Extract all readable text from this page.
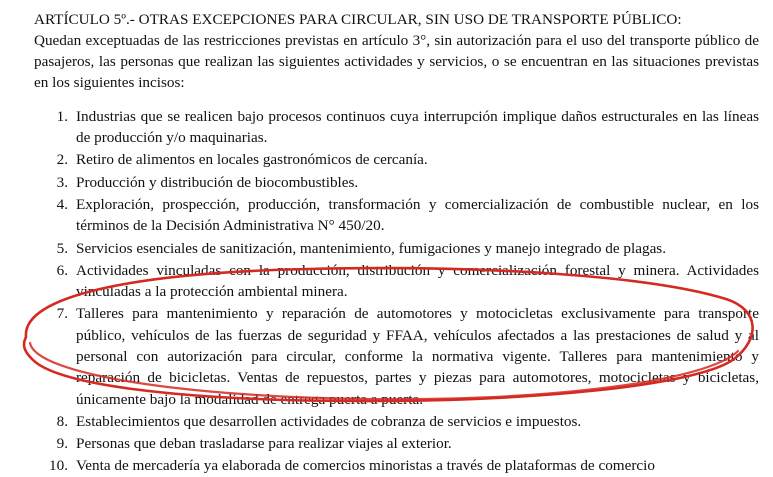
ARTÍCULO 5º.- OTRAS EXCEPCIONES PARA CIRCULAR, SIN USO DE TRANSPORTE PÚBLICO:

Quedan exceptuadas de las restricciones previstas en artículo 3°, sin autorización para el uso del transporte público de pasajeros, las personas que realizan las siguientes actividades y servicios, o se encuentran en las situaciones previstas en los siguientes incisos:

1. Industrias que se realicen bajo procesos continuos cuya interrupción implique daños estructurales en las líneas de producción y/o maquinarias.
2. Retiro de alimentos en locales gastronómicos de cercanía.
3. Producción y distribución de biocombustibles.
4. Exploración, prospección, producción, transformación y comercialización de combustible nuclear, en los términos de la Decisión Administrativa N° 450/20.
5. Servicios esenciales de sanitización, mantenimiento, fumigaciones y manejo integrado de plagas.
6. Actividades vinculadas con la producción, distribución y comercialización forestal y minera. Actividades vinculadas a la protección ambiental minera.
7. Talleres para mantenimiento y reparación de automotores y motocicletas exclusivamente para transporte público, vehículos de las fuerzas de seguridad y FFAA, vehículos afectados a las prestaciones de salud y al personal con autorización para circular, conforme la normativa vigente. Talleres para mantenimiento y reparación de bicicletas. Ventas de repuestos, partes y piezas para automotores, motocicletas y bicicletas, únicamente bajo la modalidad de entrega puerta a puerta.
8. Establecimientos que desarrollen actividades de cobranza de servicios e impuestos.
9. Personas que deban trasladarse para realizar viajes al exterior.
10. Venta de mercadería ya elaborada de comercios minoristas a través de plataformas de comercio
